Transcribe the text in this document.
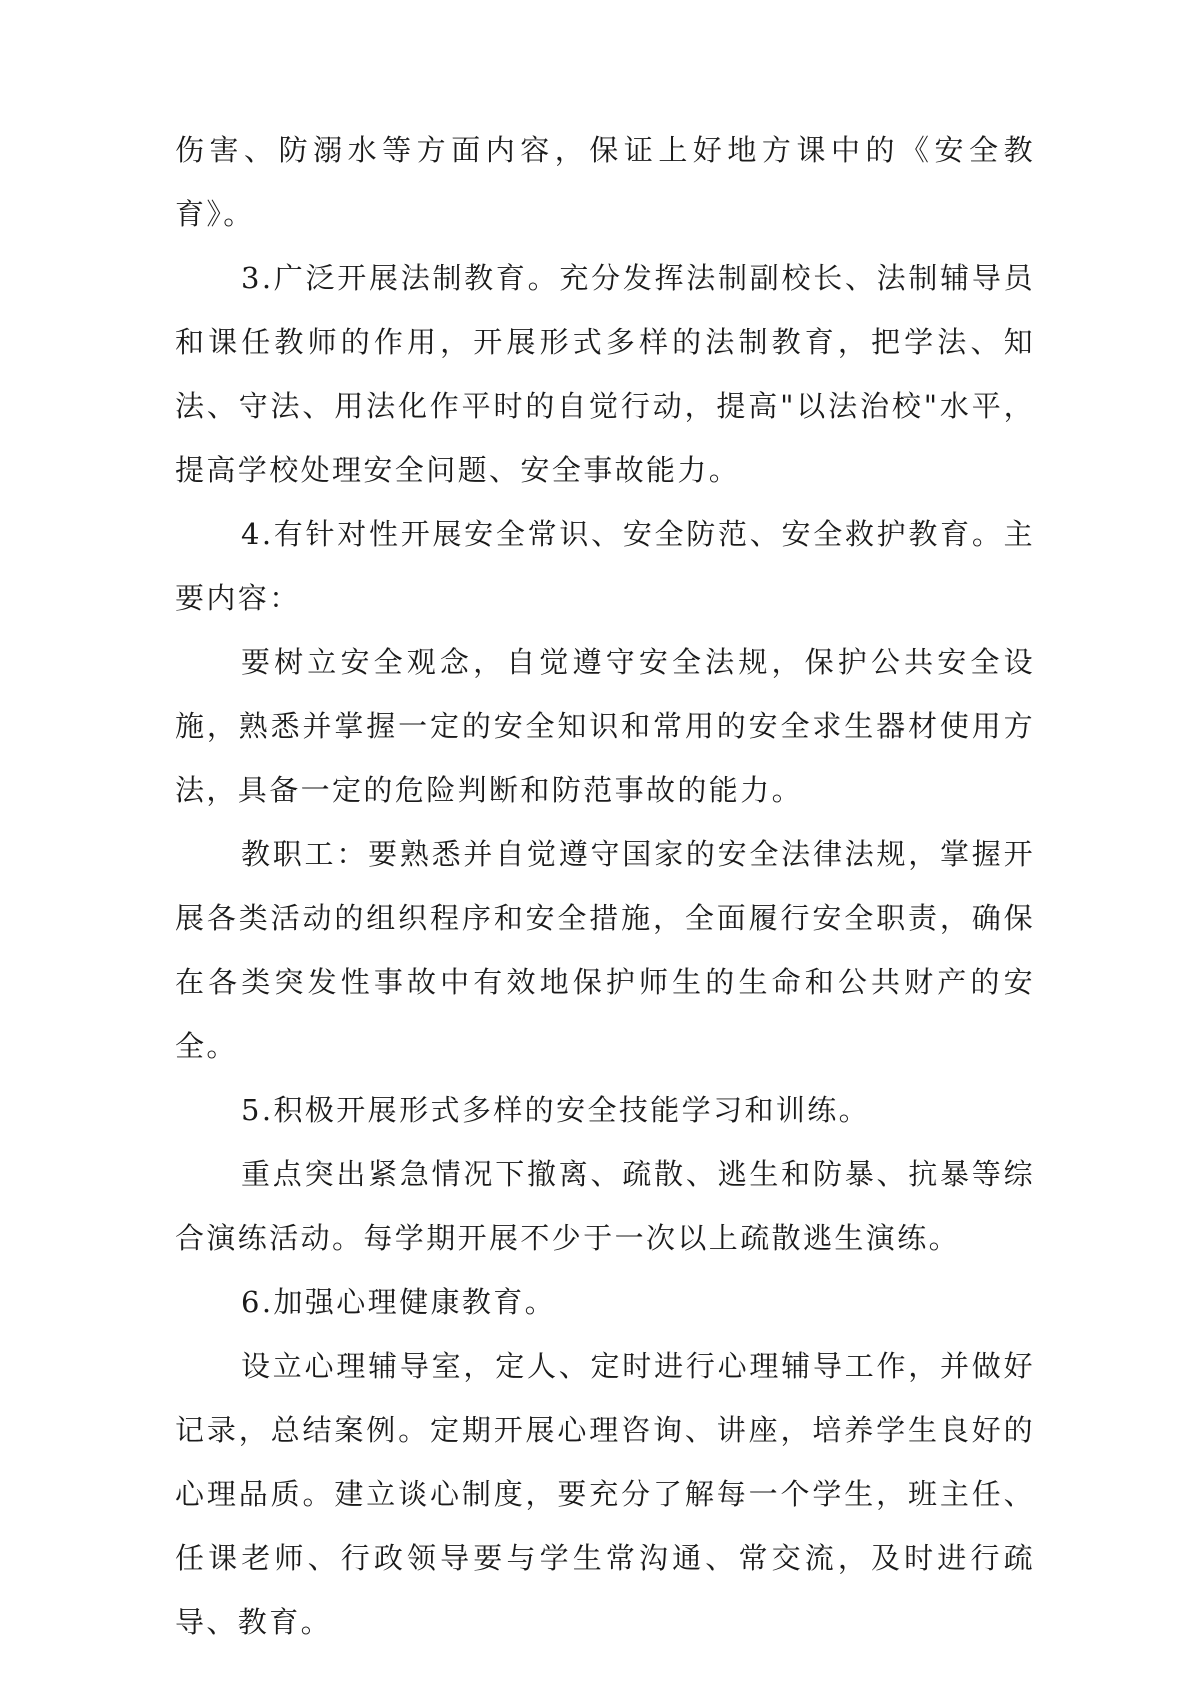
伤害、防溺水等方面内容，保证上好地方课中的《安全教育》。

3.广泛开展法制教育。充分发挥法制副校长、法制辅导员和课任教师的作用，开展形式多样的法制教育，把学法、知法、守法、用法化作平时的自觉行动，提高"以法治校"水平，提高学校处理安全问题、安全事故能力。

4.有针对性开展安全常识、安全防范、安全救护教育。主要内容：

要树立安全观念，自觉遵守安全法规，保护公共安全设施，熟悉并掌握一定的安全知识和常用的安全求生器材使用方法，具备一定的危险判断和防范事故的能力。

教职工：要熟悉并自觉遵守国家的安全法律法规，掌握开展各类活动的组织程序和安全措施，全面履行安全职责，确保在各类突发性事故中有效地保护师生的生命和公共财产的安全。

5.积极开展形式多样的安全技能学习和训练。

重点突出紧急情况下撤离、疏散、逃生和防暴、抗暴等综合演练活动。每学期开展不少于一次以上疏散逃生演练。

6.加强心理健康教育。

设立心理辅导室，定人、定时进行心理辅导工作，并做好记录，总结案例。定期开展心理咨询、讲座，培养学生良好的心理品质。建立谈心制度，要充分了解每一个学生，班主任、任课老师、行政领导要与学生常沟通、常交流，及时进行疏导、教育。
